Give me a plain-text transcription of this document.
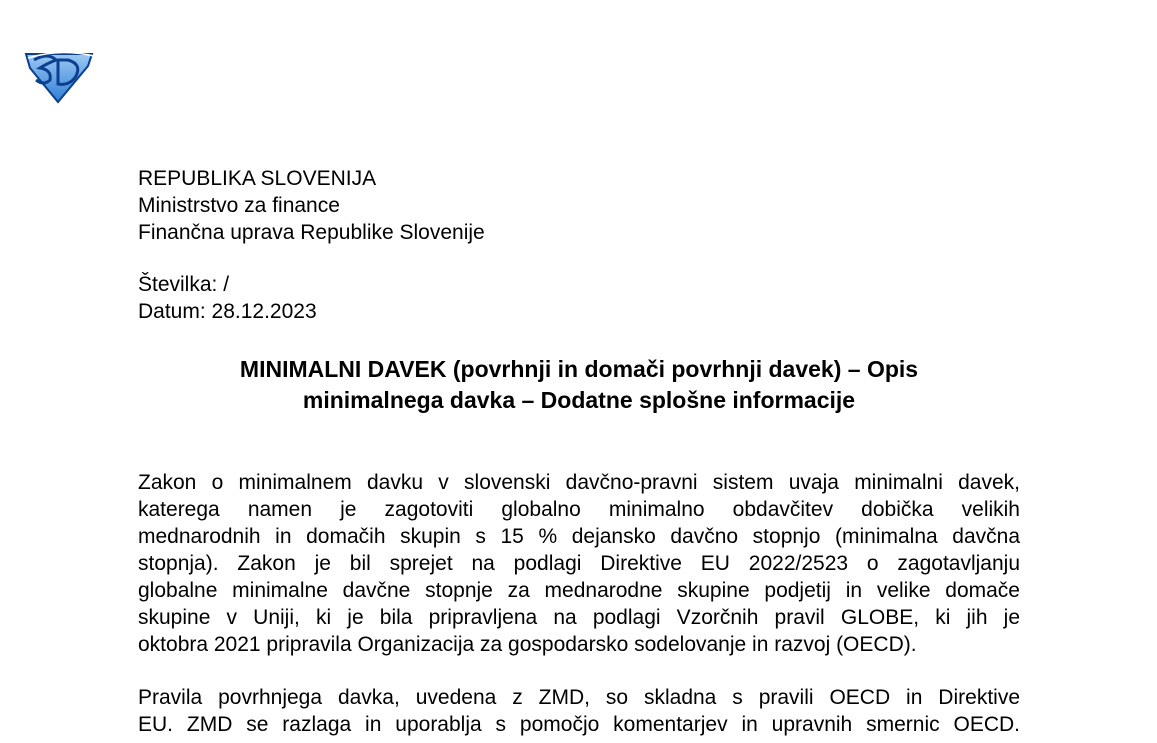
REPUBLIKA SLOVENIJA
Ministrstvo za finance
Finančna uprava Republike Slovenije
Številka: /
Datum: 28.12.2023
MINIMALNI DAVEK (povrhnji in domači povrhnji davek) – Opis
minimalnega davka – Dodatne splošne informacije
Zakon o minimalnem davku v slovenski davčno-pravni sistem uvaja minimalni davek,
katerega namen je zagotoviti globalno minimalno obdavčitev dobička velikih
mednarodnih in domačih skupin s 15 % dejansko davčno stopnjo (minimalna davčna
stopnja). Zakon je bil sprejet na podlagi Direktive EU 2022/2523 o zagotavljanju
globalne minimalne davčne stopnje za mednarodne skupine podjetij in velike domače
skupine v Uniji, ki je bila pripravljena na podlagi Vzorčnih pravil GLOBE, ki jih je
oktobra 2021 pripravila Organizacija za gospodarsko sodelovanje in razvoj (OECD).
Pravila povrhnjega davka, uvedena z ZMD, so skladna s pravili OECD in Direktive
EU. ZMD se razlaga in uporablja s pomočjo komentarjev in upravnih smernic OECD.
